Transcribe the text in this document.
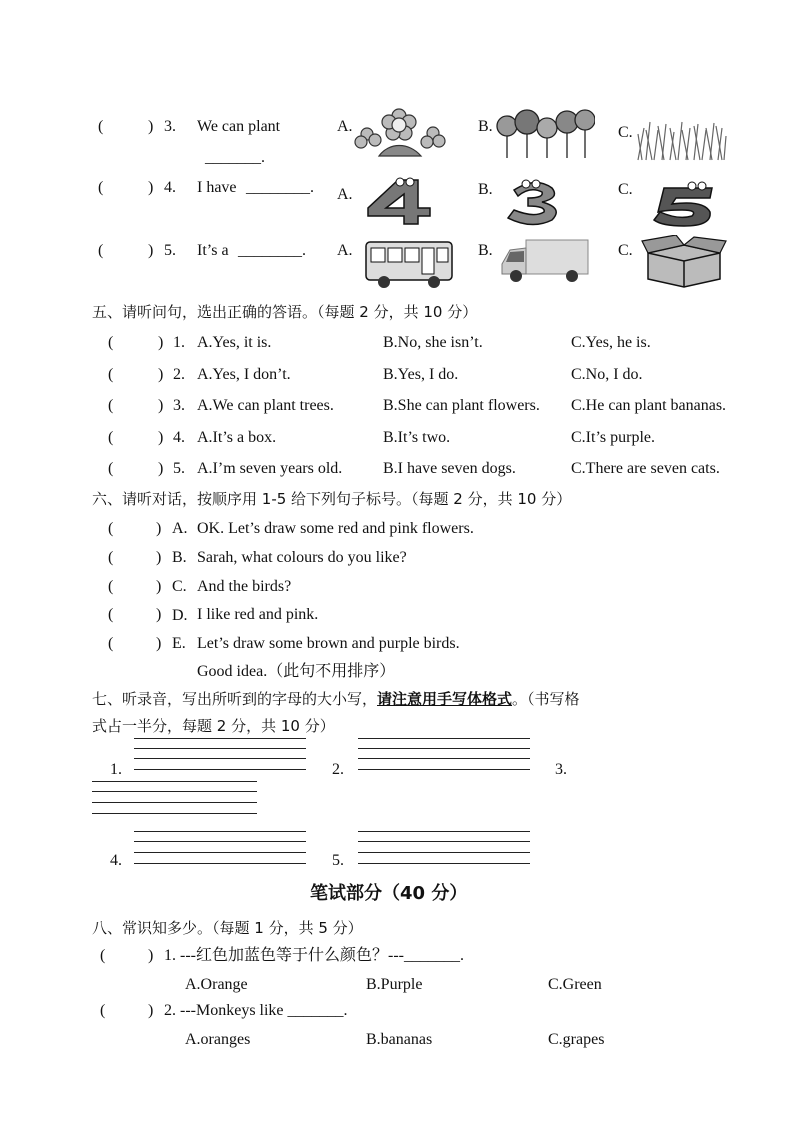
(	) 3. We can plant
_______.
A.	B.	C.
(	) 4. I have ________. A.	B.	C.
(	) 5. It’s a ________. A.	B.	C.
五、请听问句，选出正确的答语。（每题 2 分，共 10 分）
(	) 1. A.Yes, it is.	B.No, she isn’t.	C.Yes, he is.
(	) 2. A.Yes, I don’t.	B.Yes, I do.	C.No, I do.
(	) 3. A.We can plant trees.	B.She can plant flowers. C.He can plant bananas.
(	) 4. A.It’s a box.	B.It’s two.	C.It’s purple.
(	) 5. A.I’m seven years old.	B.I have seven dogs.	C.There are seven cats.
六、请听对话，按顺序用 1-5 给下列句子标号。（每题 2 分，共 10 分）
(	) A. OK. Let’s draw some red and pink flowers.
(	) B. Sarah, what colours do you like?
(	) C. And the birds?
(	) D. I like red and pink.
(	) E. Let’s draw some brown and purple birds.
Good idea.（此句不用排序）
七、听录音，写出所听到的字母的大小写，请注意用手写体格式。（书写格
式占一半分，每题 2 分，共 10 分）
1.	2.	3.
4.	5.
笔试部分（40 分）
八、常识知多少。（每题 1 分，共 5 分）
(	) 1. ---红色加蓝色等于什么颜色？---_______.
A.Orange	B.Purple	C.Green
(	) 2. ---Monkeys like _______.
A.oranges	B.bananas	C.grapes
